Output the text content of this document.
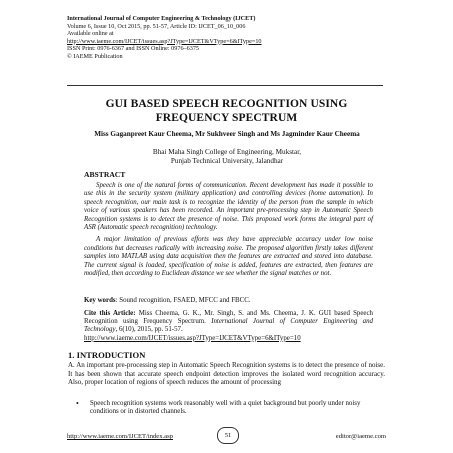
International Journal of Computer Engineering & Technology (IJCET)
Volume 6, Issue 10, Oct 2015, pp. 51-57, Article ID: IJCET_06_10_006
Available online at
http://www.iaeme.com/IJCET/issues.asp?JType=IJCET&VType=6&IType=10
ISSN Print: 0976-6367 and ISSN Online: 0976–6375
© IAEME Publication
GUI BASED SPEECH RECOGNITION USING
FREQUENCY SPECTRUM
Miss Gaganpreet Kaur Cheema, Mr Sukhveer Singh and Ms Jagminder Kaur Cheema
Bhai Maha Singh College of Engineering, Mukstar,
Punjab Technical University, Jalandhar
ABSTRACT

Speech is one of the natural forms of communication. Recent development has made it possible to use this in the security system (military application) and controlling devices (home automation). In speech recognition, our main task is to recognize the identity of the person from the sample in which voice of various speakers has been recorded. An important pre-processing step in Automatic Speech Recognition systems is to detect the presence of noise. This proposed work forms the integral part of ASR (Automatic speech recognition) technology.

A major limitation of previous efforts was they have appreciable accuracy under low noise conditions but decreases radically with increasing noise. The proposed algorithm firstly takes different samples into MATLAB using data acquisition then the features are extracted and stored into database. The current signal is loaded, specification of noise is added, features are extracted, then features are modified, then according to Euclidean distance we see whether the signal matches or not.

Key words: Sound recognition, FSAED, MFCC and FBCC.
Cite this Article: Miss Cheema, G. K., Mr. Singh, S. and Ms. Cheema, J. K. GUI based Speech Recognition using Frequency Spectrum. International Journal of Computer Engineering and Technology, 6(10), 2015, pp. 51-57.
http://www.iaeme.com/IJCET/issues.asp?JType=IJCET&VType=6&IType=10
1. INTRODUCTION

A. An important pre-processing step in Automatic Speech Recognition systems is to detect the presence of noise. It has been shown that accurate speech endpoint detection improves the isolated word recognition accuracy. Also, proper location of regions of speech reduces the amount of processing

• Speech recognition systems work reasonably well with a quiet background but poorly under noisy conditions or in distorted channels.
http://www.iaeme.com/IJCET/index.asp	51	editor@iaeme.com
